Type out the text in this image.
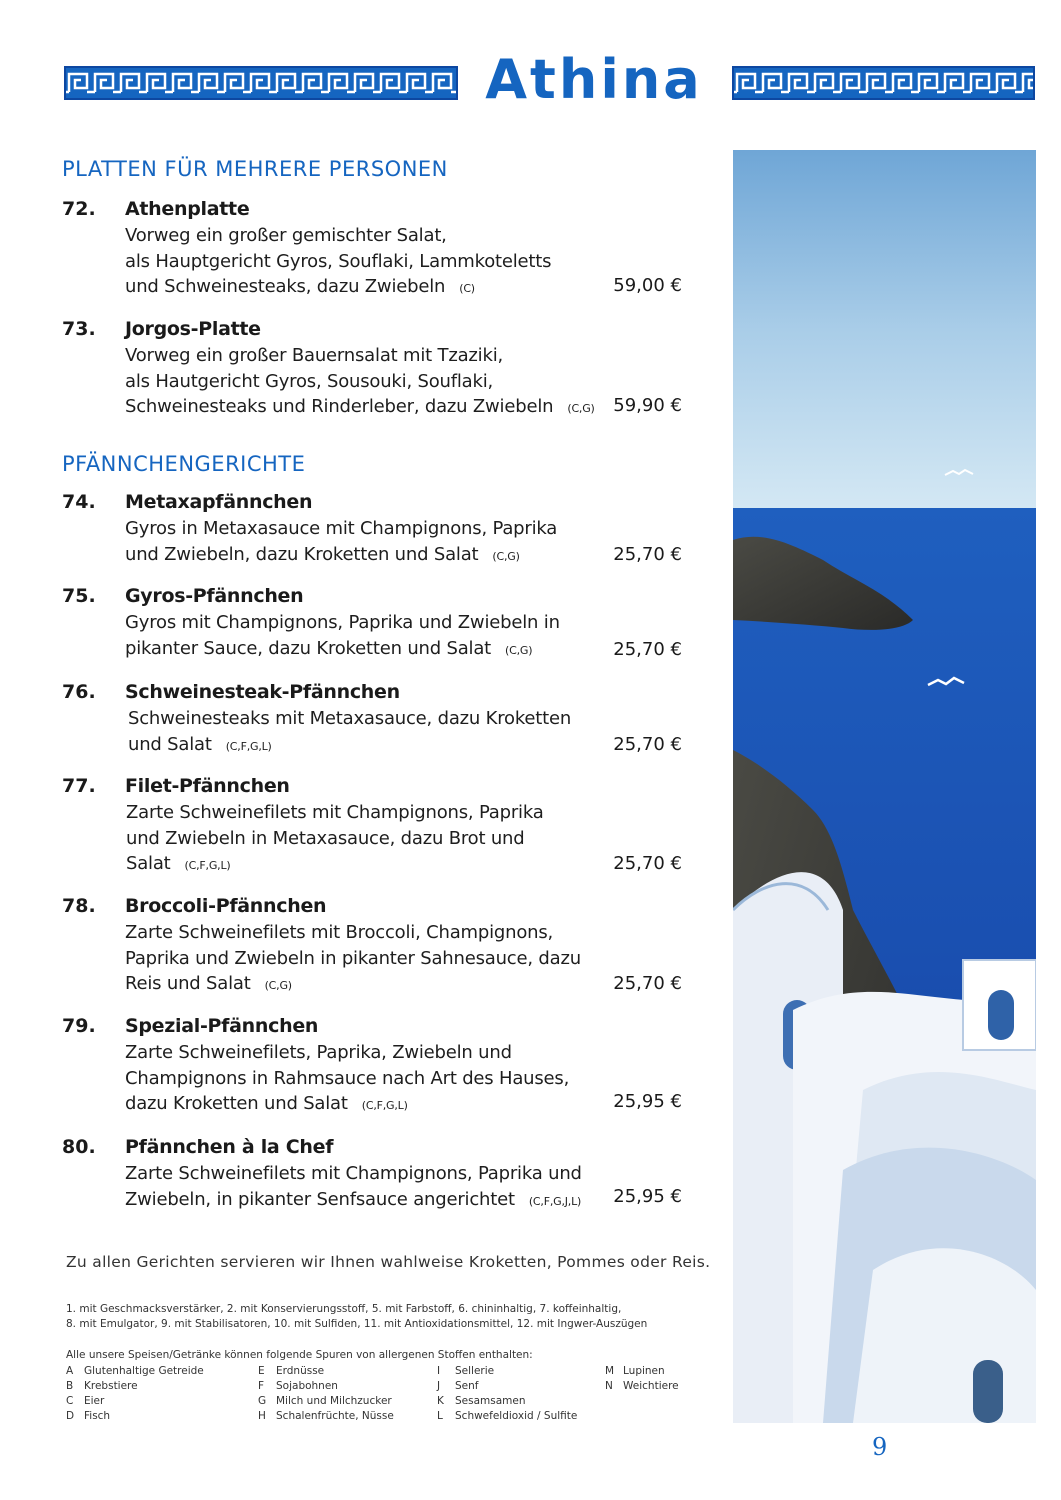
Athina
PLATTEN FÜR MEHRERE PERSONEN
72. Athenplatte
Vorweg ein großer gemischter Salat,
als Hauptgericht Gyros, Souflaki, Lammkoteletts
und Schweinesteaks, dazu Zwiebeln (C)	59,00 €
73. Jorgos-Platte
Vorweg ein großer Bauernsalat mit Tzaziki,
als Hautgericht Gyros, Sousouki, Souflaki,
Schweinesteaks und Rinderleber, dazu Zwiebeln (C,G) 59,90 €
PFÄNNCHENGERICHTE
74. Metaxapfännchen
Gyros in Metaxasauce mit Champignons, Paprika
und Zwiebeln, dazu Kroketten und Salat (C,G)	25,70 €
75. Gyros-Pfännchen
Gyros mit Champignons, Paprika und Zwiebeln in
pikanter Sauce, dazu Kroketten und Salat (C,G)	25,70 €
76. Schweinesteak-Pfännchen
Schweinesteaks mit Metaxasauce, dazu Kroketten
und Salat (C,F,G,L)	25,70 €
77. Filet-Pfännchen
Zarte Schweinefilets mit Champignons, Paprika
und Zwiebeln in Metaxasauce, dazu Brot und
Salat (C,F,G,L)	25,70 €
78. Broccoli-Pfännchen
Zarte Schweinefilets mit Broccoli, Champignons,
Paprika und Zwiebeln in pikanter Sahnesauce, dazu
Reis und Salat (C,G)	25,70 €
79. Spezial-Pfännchen
Zarte Schweinefilets, Paprika, Zwiebeln und
Champignons in Rahmsauce nach Art des Hauses,
dazu Kroketten und Salat (C,F,G,L)	25,95 €
80. Pfännchen à la Chef
Zarte Schweinefilets mit Champignons, Paprika und
Zwiebeln, in pikanter Senfsauce angerichtet (C,F,G,J,L) 25,95 €
Zu allen Gerichten servieren wir Ihnen wahlweise Kroketten, Pommes oder Reis.
1. mit Geschmacksverstärker, 2. mit Konservierungsstoff, 5. mit Farbstoff, 6. chininhaltig, 7. koffeinhaltig,
8. mit Emulgator, 9. mit Stabilisatoren, 10. mit Sulfiden, 11. mit Antioxidationsmittel, 12. mit Ingwer-Auszügen
Alle unsere Speisen/Getränke können folgende Spuren von allergenen Stoffen enthalten:
A Glutenhaltige Getreide
B Krebstiere
C Eier
D Fisch
E Erdnüsse
F Sojabohnen
G Milch und Milchzucker
H Schalenfrüchte, Nüsse
I Sellerie
J Senf
K Sesamsamen
L Schwefeldioxid / Sulfite
M Lupinen
N Weichtiere
9
